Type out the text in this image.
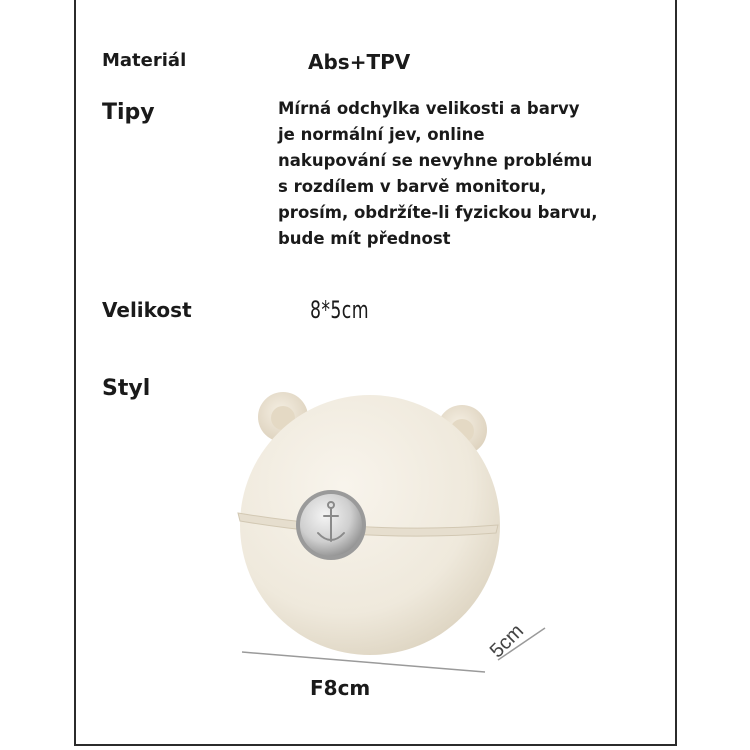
Materiál	Abs+TPV
Tipy	Mírná odchylka velikosti a barvy je normální jev, online nakupování se nevyhne problému s rozdílem v barvě monitoru, prosím, obdržíte-li fyzickou barvu, bude mít přednost
Velikost	8*5cm
Styl
F8cm
5cm
